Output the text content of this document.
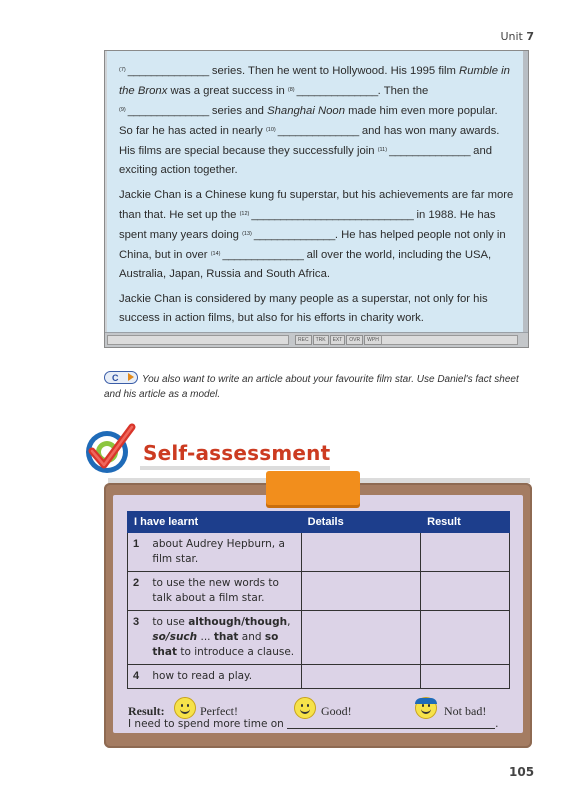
Unit 7

$^{(7)}$ ______________ series. Then he went to Hollywood. His 1995 film Rumble in the Bronx was a great success in $^{(8)}$ ______________. Then the $^{(9)}$ ______________ series and Shanghai Noon made him even more popular. So far he has acted in nearly $^{(10)}$ ______________ and has won many awards. His films are special because they successfully join $^{(11)}$ ______________ and exciting action together.

Jackie Chan is a Chinese kung fu superstar, but his achievements are far more than that. He set up the $^{(12)}$ ____________________________ in 1988. He has spent many years doing $^{(13)}$ ______________. He has helped people not only in China, but in over $^{(14)}$ ______________ all over the world, including the USA, Australia, Japan, Russia and South Africa.

Jackie Chan is considered by many people as a superstar, not only for his success in action films, but also for his efforts in charity work.

REC	TRK	EXT	OVR	WPH
C You also want to write an article about your favourite film star. Use Daniel's fact sheet and his article as a model.
Self-assessment
I have learnt		Details	Result
1	about Audrey Hepburn, a film star.		
2	to use the new words to talk about a film star.		
3	to use although/though, so/such ... that and so that to introduce a clause.		
4	how to read a play.		
Result:	Perfect!	Good!	Not bad!
I need to spend more time on	.
105
